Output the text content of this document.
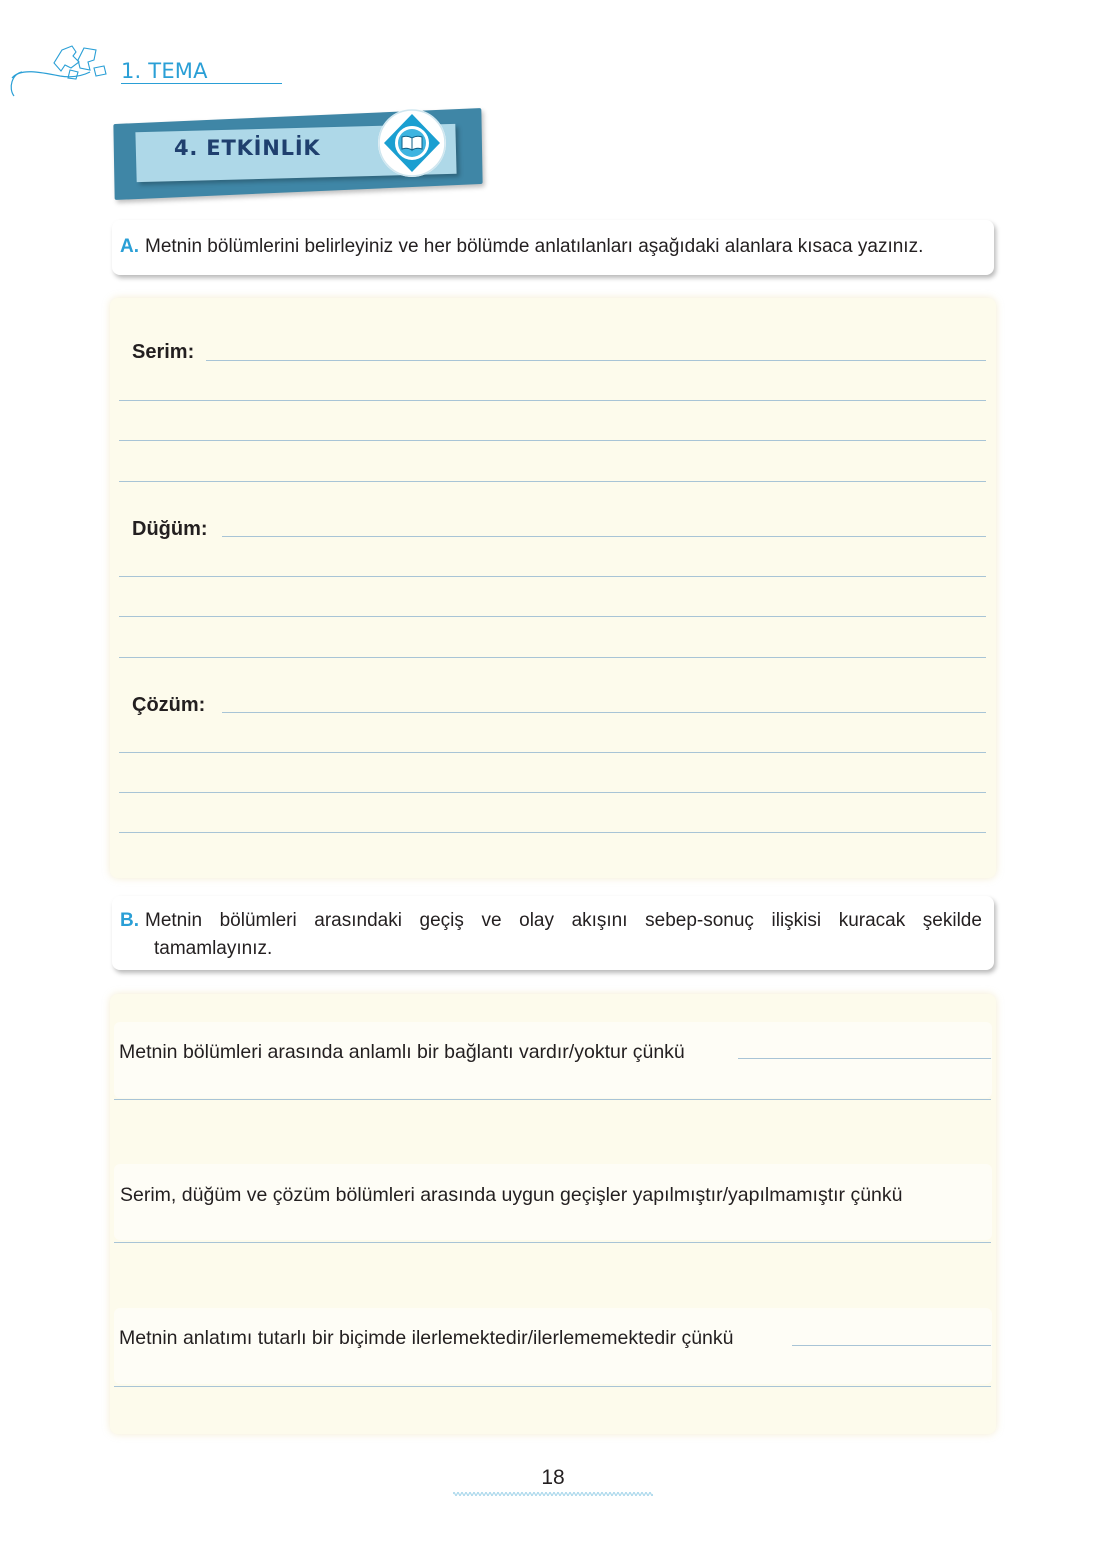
1. TEMA
4. ETKİNLİK
A. Metnin bölümlerini belirleyiniz ve her bölümde anlatılanları aşağıdaki alanlara kısaca yazınız.
Serim:
Düğüm:
Çözüm:
B. Metnin bölümleri arasındaki geçiş ve olay akışını sebep-sonuç ilişkisi kuracak şekilde
tamamlayınız.
Metnin bölümleri arasında anlamlı bir bağlantı vardır/yoktur çünkü
Serim, düğüm ve çözüm bölümleri arasında uygun geçişler yapılmıştır/yapılmamıştır çünkü
Metnin anlatımı tutarlı bir biçimde ilerlemektedir/ilerlememektedir çünkü
18
